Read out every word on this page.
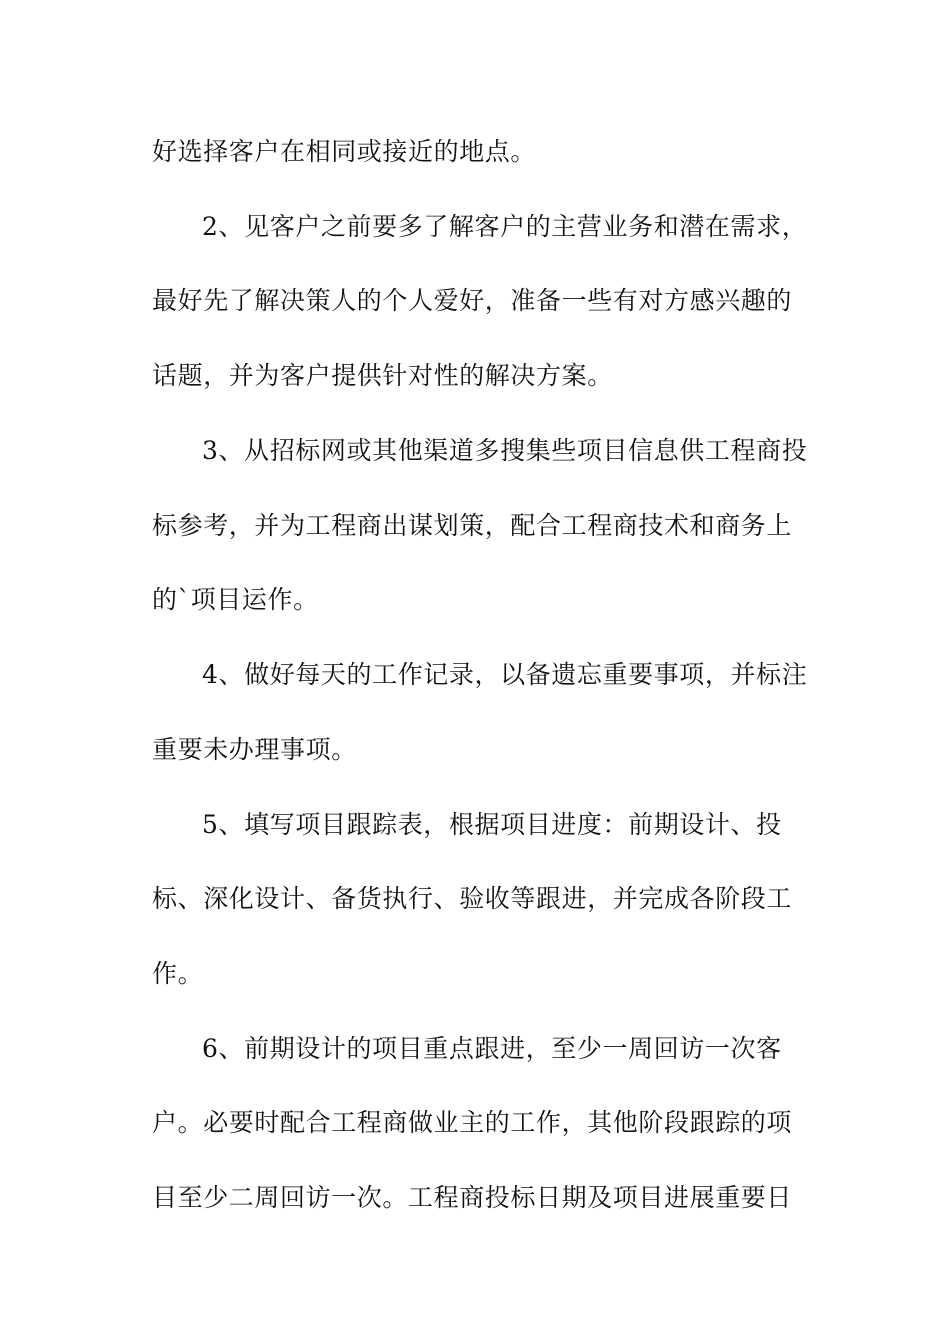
好选择客户在相同或接近的地点。
2、见客户之前要多了解客户的主营业务和潜在需求，
最好先了解决策人的个人爱好，准备一些有对方感兴趣的
话题，并为客户提供针对性的解决方案。
3、从招标网或其他渠道多搜集些项目信息供工程商投
标参考，并为工程商出谋划策，配合工程商技术和商务上
的`项目运作。
4、做好每天的工作记录，以备遗忘重要事项，并标注
重要未办理事项。
5、填写项目跟踪表，根据项目进度：前期设计、投
标、深化设计、备货执行、验收等跟进，并完成各阶段工
作。
6、前期设计的项目重点跟进，至少一周回访一次客
户。必要时配合工程商做业主的工作，其他阶段跟踪的项
目至少二周回访一次。工程商投标日期及项目进展重要日
